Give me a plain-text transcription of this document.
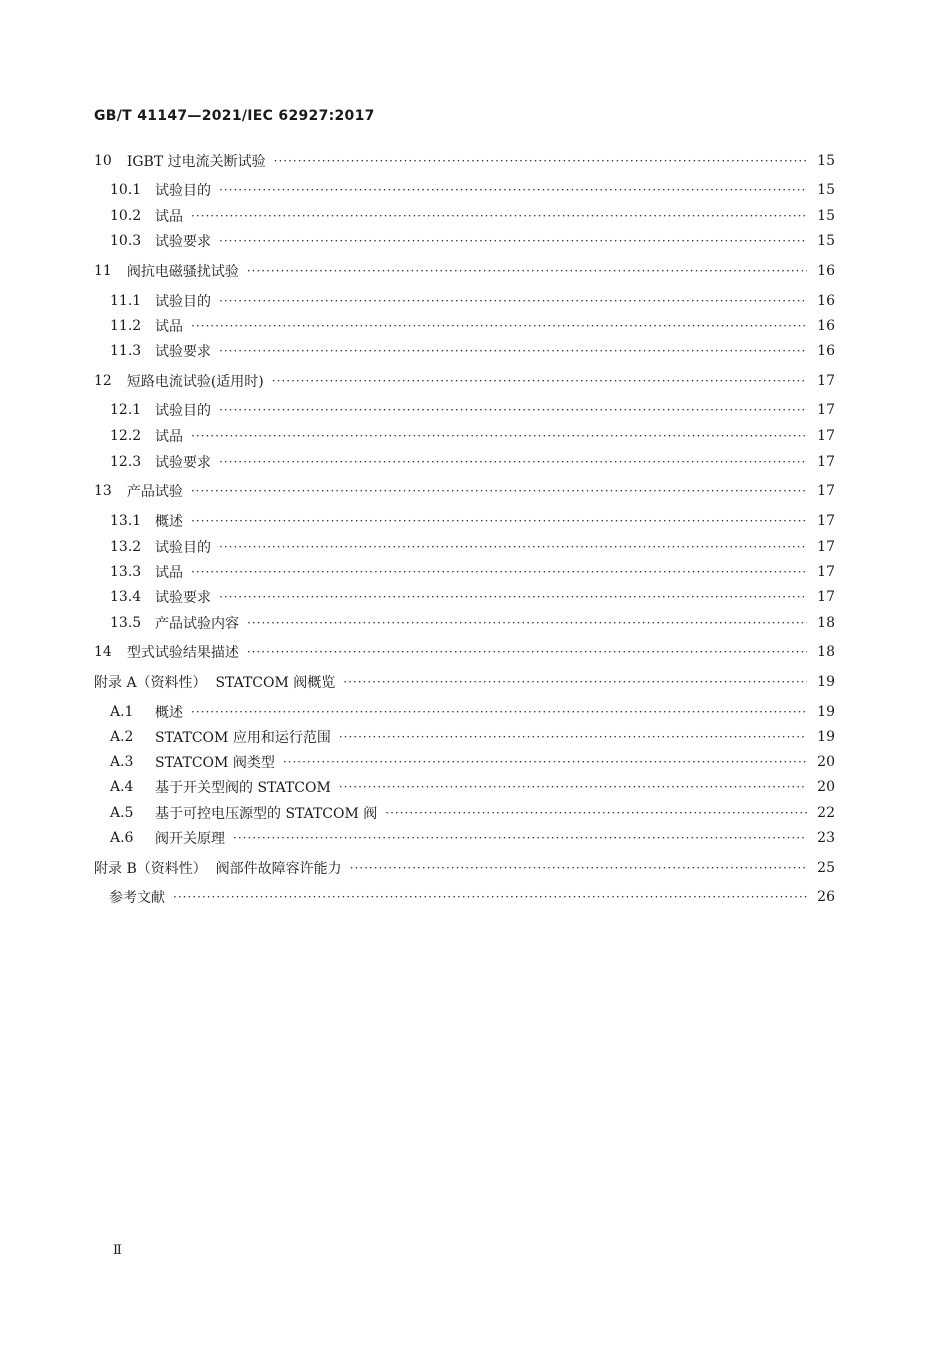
GB/T 41147—2021/IEC 62927:2017
10 IGBT 过电流关断试验 ·····	15
10.1 试验目的 ·····	15
10.2 试品 ·····	15
10.3 试验要求 ·····	15
11 阀抗电磁骚扰试验 ·····	16
11.1 试验目的 ·····	16
11.2 试品 ·····	16
11.3 试验要求 ·····	16
12 短路电流试验(适用时) ·····	17
12.1 试验目的 ·····	17
12.2 试品 ·····	17
12.3 试验要求 ·····	17
13 产品试验 ·····	17
13.1 概述 ·····	17
13.2 试验目的 ·····	17
13.3 试品 ·····	17
13.4 试验要求 ·····	17
13.5 产品试验内容 ·····	18
14 型式试验结果描述 ·····	18
附录 A（资料性） STATCOM 阀概览 ·····	19
A.1	概述 ·····	19
A.2	STATCOM 应用和运行范围 ·····	19
A.3	STATCOM 阀类型 ·····	20
A.4	基于开关型阀的 STATCOM ·····	20
A.5	基于可控电压源型的 STATCOM 阀 ·····	22
A.6	阀开关原理 ·····	23
附录 B（资料性） 阀部件故障容许能力 ·····	25
参考文献 ·····	26
Ⅱ
